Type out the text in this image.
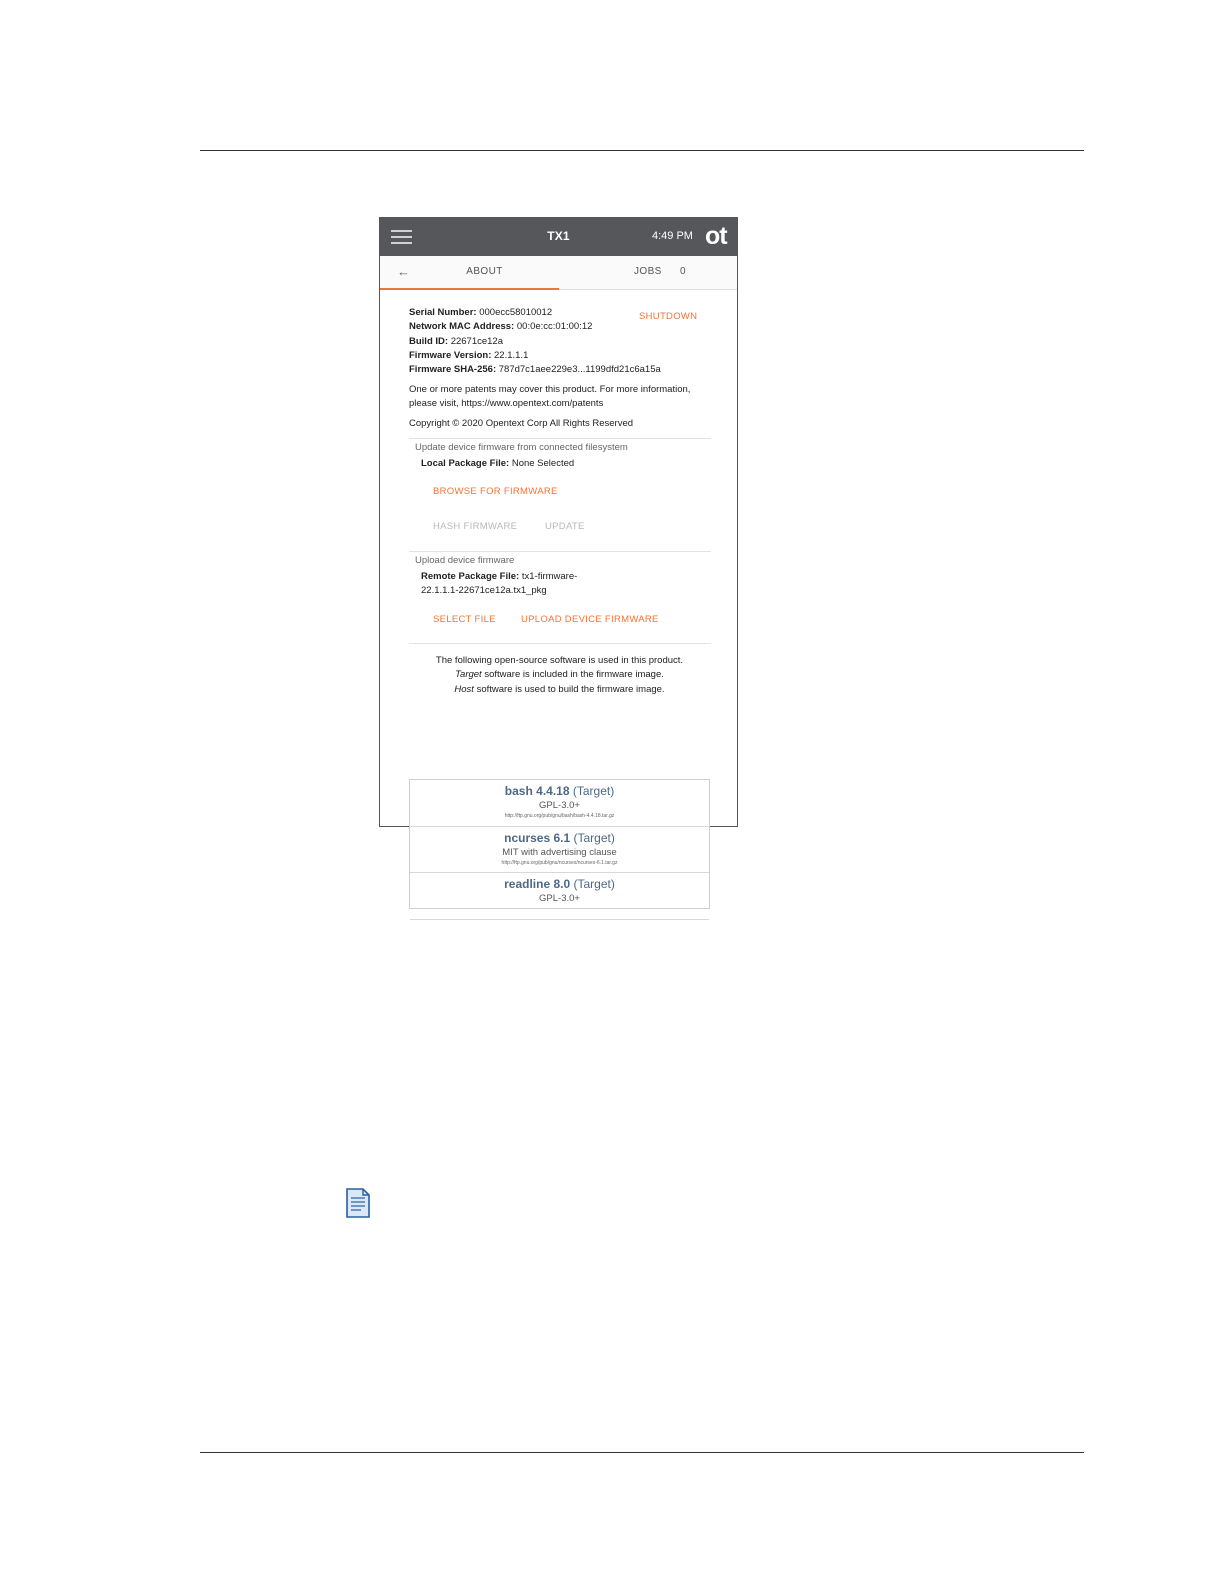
TX1	4:49 PM ot
ABOUT
←	JOBS 0
Serial Number: 000ecc58010012
Network MAC Address: 00:0e:cc:01:00:12
Build ID: 22671ce12a
Firmware Version: 22.1.1.1
Firmware SHA-256: 787d7c1aee229e3...1199dfd21c6a15a
SHUTDOWN
One or more patents may cover this product. For more information,
please visit, https://www.opentext.com/patents
Copyright © 2020 Opentext Corp All Rights Reserved
Update device firmware from connected filesystem
Local Package File: None Selected
BROWSE FOR FIRMWARE
HASH FIRMWARE	UPDATE
Upload device firmware
Remote Package File: tx1-firmware-
22.1.1.1-22671ce12a.tx1_pkg
SELECT FILE	UPLOAD DEVICE FIRMWARE
The following open-source software is used in this product.
Target software is included in the firmware image.
Host software is used to build the firmware image.
bash 4.4.18 (Target)
GPL-3.0+
http://ftp.gnu.org/pub/gnu/bash/bash-4.4.18.tar.gz
ncurses 6.1 (Target)
MIT with advertising clause
http://ftp.gnu.org/pub/gnu/ncurses/ncurses-6.1.tar.gz
readline 8.0 (Target)
GPL-3.0+
